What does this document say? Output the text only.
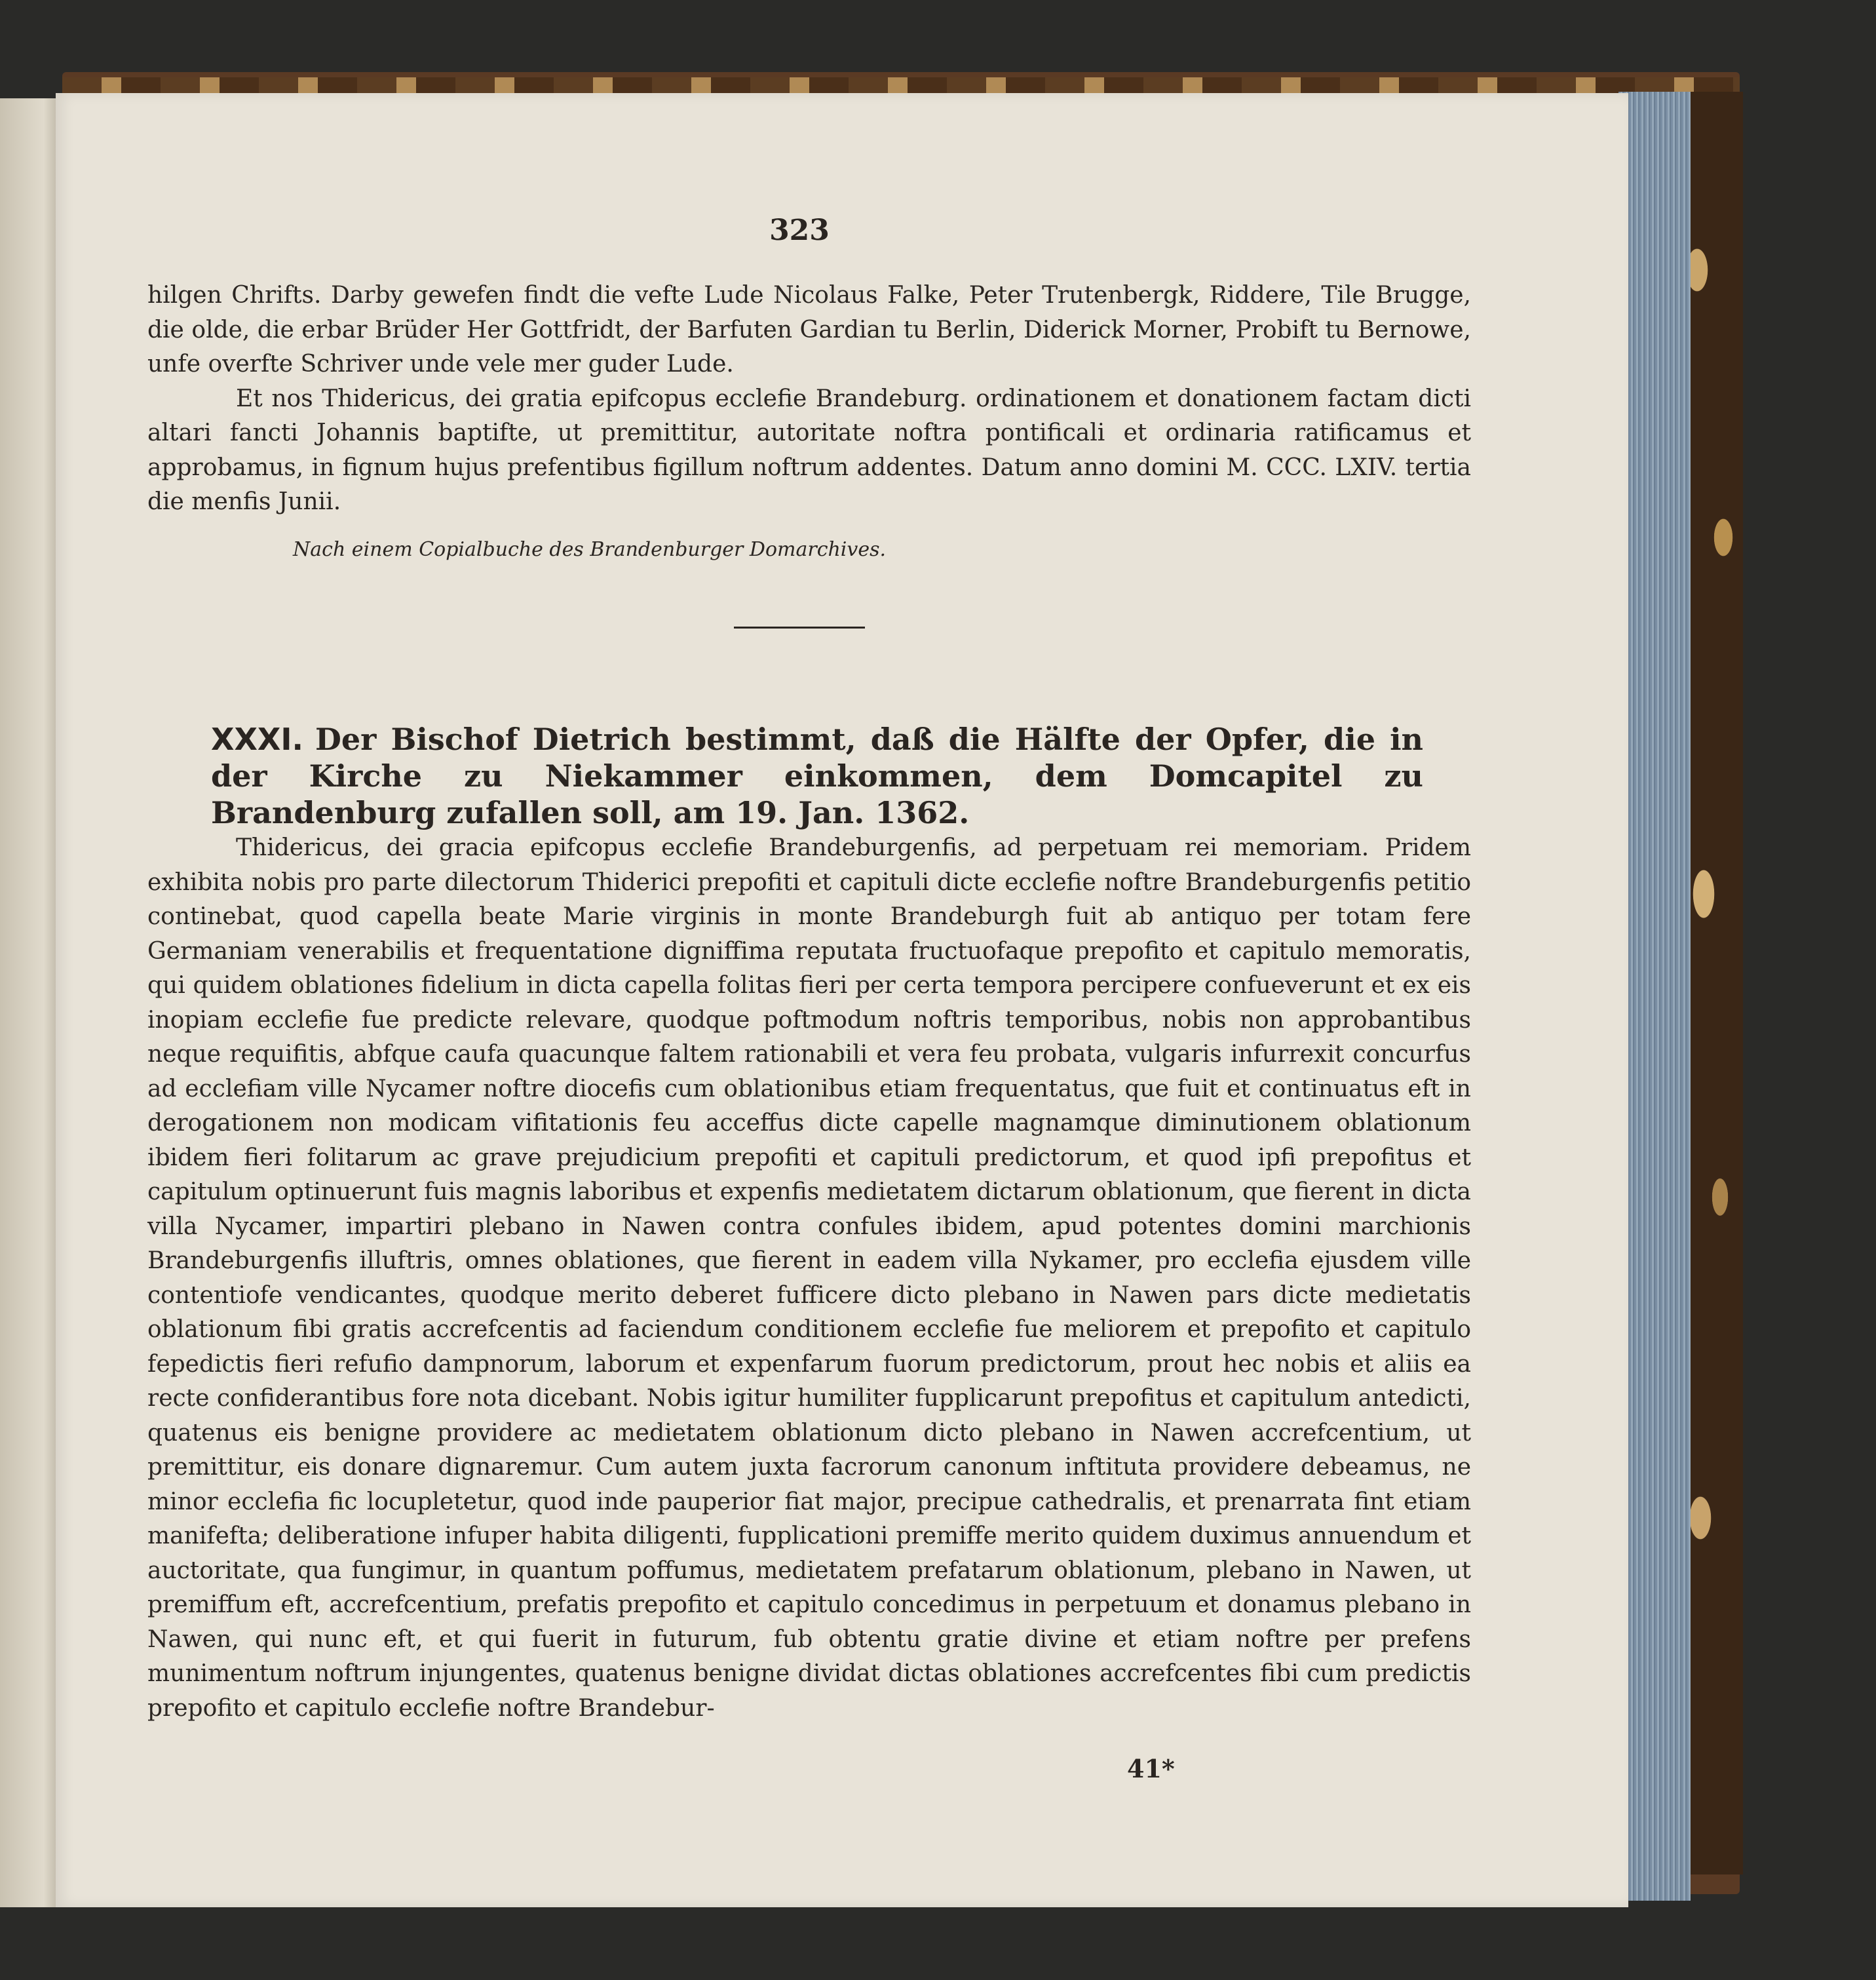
323

hilgen Chrifts. Darby gewefen findt die vefte Lude Nicolaus Falke, Peter Trutenbergk, Riddere, Tile Brugge, die olde, die erbar Brüder Her Gottfridt, der Barfuten Gardian tu Berlin, Diderick Morner, Probift tu Bernowe, unfe overfte Schriver unde vele mer guder Lude.

Et nos Thidericus, dei gratia epifcopus ecclefie Brandeburg. ordinationem et donationem factam dicti altari fancti Johannis baptifte, ut premittitur, autoritate noftra pontificali et ordinaria ratificamus et approbamus, in fignum hujus prefentibus figillum noftrum addentes. Datum anno domini M. CCC. LXIV. tertia die menfis Junii.

Nach einem Copialbuche des Brandenburger Domarchives.
XXXI. Der Bischof Dietrich bestimmt, daß die Hälfte der Opfer, die in der Kirche zu Niekammer einkommen, dem Domcapitel zu Brandenburg zufallen soll, am 19. Jan. 1362.

Thidericus, dei gracia epifcopus ecclefie Brandeburgenfis, ad perpetuam rei memoriam. Pridem exhibita nobis pro parte dilectorum Thiderici prepofiti et capituli dicte ecclefie noftre Brandeburgenfis petitio continebat, quod capella beate Marie virginis in monte Brandeburgh fuit ab antiquo per totam fere Germaniam venerabilis et frequentatione digniffima reputata fructuofaque prepofito et capitulo memoratis, qui quidem oblationes fidelium in dicta capella folitas fieri per certa tempora percipere confueverunt et ex eis inopiam ecclefie fue predicte relevare, quodque poftmodum noftris temporibus, nobis non approbantibus neque requifitis, abfque caufa quacunque faltem rationabili et vera feu probata, vulgaris infurrexit concurfus ad ecclefiam ville Nycamer noftre diocefis cum oblationibus etiam frequentatus, que fuit et continuatus eft in derogationem non modicam vifitationis feu acceffus dicte capelle magnamque diminutionem oblationum ibidem fieri folitarum ac grave prejudicium prepofiti et capituli predictorum, et quod ipfi prepofitus et capitulum optinuerunt fuis magnis laboribus et expenfis medietatem dictarum oblationum, que fierent in dicta villa Nycamer, impartiri plebano in Nawen contra confules ibidem, apud potentes domini marchionis Brandeburgenfis illuftris, omnes oblationes, que fierent in eadem villa Nykamer, pro ecclefia ejusdem ville contentiofe vendicantes, quodque merito deberet fufficere dicto plebano in Nawen pars dicte medietatis oblationum fibi gratis accrefcentis ad faciendum conditionem ecclefie fue meliorem et prepofito et capitulo fepedictis fieri refufio dampnorum, laborum et expenfarum fuorum predictorum, prout hec nobis et aliis ea recte confiderantibus fore nota dicebant. Nobis igitur humiliter fupplicarunt prepofitus et capitulum antedicti, quatenus eis benigne providere ac medietatem oblationum dicto plebano in Nawen accrefcentium, ut premittitur, eis donare dignaremur. Cum autem juxta facrorum canonum inftituta providere debeamus, ne minor ecclefia fic locupletetur, quod inde pauperior fiat major, precipue cathedralis, et prenarrata fint etiam manifefta; deliberatione infuper habita diligenti, fupplicationi premiffe merito quidem duximus annuendum et auctoritate, qua fungimur, in quantum poffumus, medietatem prefatarum oblationum, plebano in Nawen, ut premiffum eft, accrefcentium, prefatis prepofito et capitulo concedimus in perpetuum et donamus plebano in Nawen, qui nunc eft, et qui fuerit in futurum, fub obtentu gratie divine et etiam noftre per prefens munimentum noftrum injungentes, quatenus benigne dividat dictas oblationes accrefcentes fibi cum predictis prepofito et capitulo ecclefie noftre Brandebur-

41*
